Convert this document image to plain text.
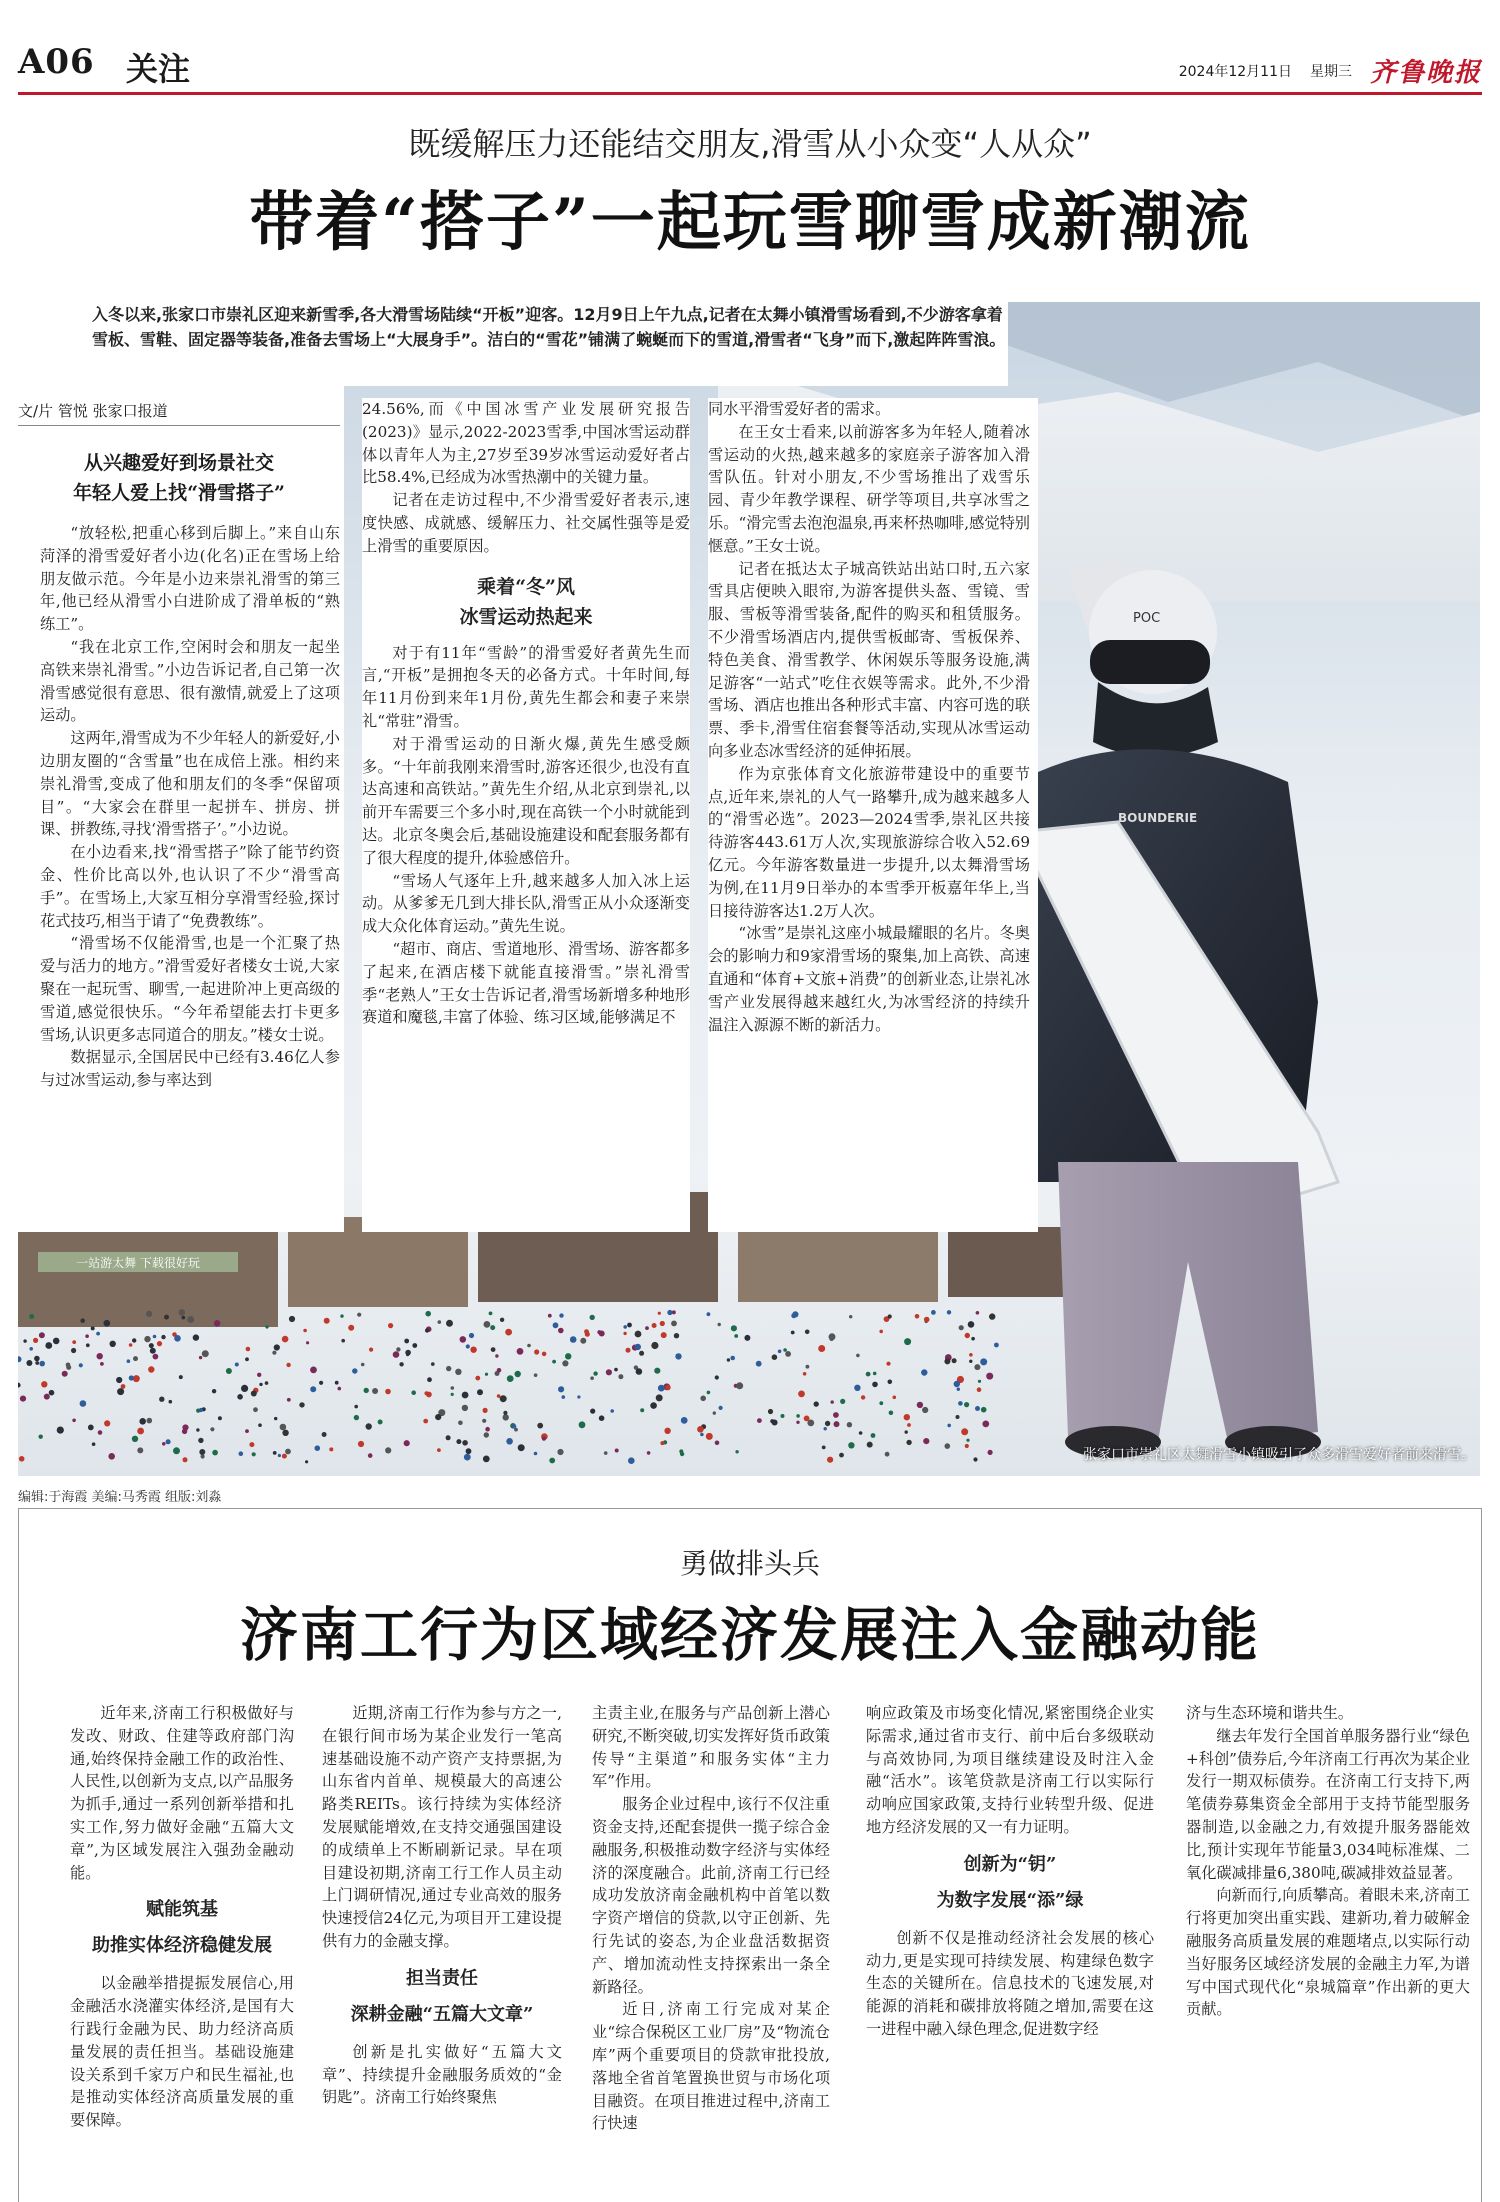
A06 关注	2024年12月11日 星期三 齐鲁晚报
既缓解压力还能结交朋友,滑雪从小众变“人从众”
带着“搭子”一起玩雪聊雪成新潮流
一站游太舞 下载很好玩
POC
BOUNDERIE
入冬以来,张家口市崇礼区迎来新雪季,各大滑雪场陆续“开板”迎客。12月9日上午九点,记者在太舞小镇滑雪场看到,不少游客拿着雪板、雪鞋、固定器等装备,准备去雪场上“大展身手”。洁白的“雪花”铺满了蜿蜒而下的雪道,滑雪者“飞身”而下,激起阵阵雪浪。
文/片 管悦 张家口报道
从兴趣爱好到场景社交
年轻人爱上找“滑雪搭子”

“放轻松,把重心移到后脚上。”来自山东菏泽的滑雪爱好者小边(化名)正在雪场上给朋友做示范。今年是小边来崇礼滑雪的第三年,他已经从滑雪小白进阶成了滑单板的“熟练工”。

“我在北京工作,空闲时会和朋友一起坐高铁来崇礼滑雪。”小边告诉记者,自己第一次滑雪感觉很有意思、很有激情,就爱上了这项运动。

这两年,滑雪成为不少年轻人的新爱好,小边朋友圈的“含雪量”也在成倍上涨。相约来崇礼滑雪,变成了他和朋友们的冬季“保留项目”。“大家会在群里一起拼车、拼房、拼课、拼教练,寻找‘滑雪搭子’。”小边说。

在小边看来,找“滑雪搭子”除了能节约资金、性价比高以外,也认识了不少“滑雪高手”。在雪场上,大家互相分享滑雪经验,探讨花式技巧,相当于请了“免费教练”。

“滑雪场不仅能滑雪,也是一个汇聚了热爱与活力的地方。”滑雪爱好者楼女士说,大家聚在一起玩雪、聊雪,一起进阶冲上更高级的雪道,感觉很快乐。“今年希望能去打卡更多雪场,认识更多志同道合的朋友。”楼女士说。

数据显示,全国居民中已经有3.46亿人参与过冰雪运动,参与率达到

24.56%,而《中国冰雪产业发展研究报告(2023)》显示,2022-2023雪季,中国冰雪运动群体以青年人为主,27岁至39岁冰雪运动爱好者占比58.4%,已经成为冰雪热潮中的关键力量。

记者在走访过程中,不少滑雪爱好者表示,速度快感、成就感、缓解压力、社交属性强等是爱上滑雪的重要原因。

乘着“冬”风
冰雪运动热起来

对于有11年“雪龄”的滑雪爱好者黄先生而言,“开板”是拥抱冬天的必备方式。十年时间,每年11月份到来年1月份,黄先生都会和妻子来崇礼“常驻”滑雪。

对于滑雪运动的日渐火爆,黄先生感受颇多。“十年前我刚来滑雪时,游客还很少,也没有直达高速和高铁站。”黄先生介绍,从北京到崇礼,以前开车需要三个多小时,现在高铁一个小时就能到达。北京冬奥会后,基础设施建设和配套服务都有了很大程度的提升,体验感倍升。

“雪场人气逐年上升,越来越多人加入冰上运动。从爹爹无几到大排长队,滑雪正从小众逐渐变成大众化体育运动。”黄先生说。

“超市、商店、雪道地形、滑雪场、游客都多了起来,在酒店楼下就能直接滑雪。”崇礼滑雪季“老熟人”王女士告诉记者,滑雪场新增多种地形赛道和魔毯,丰富了体验、练习区域,能够满足不

同水平滑雪爱好者的需求。

在王女士看来,以前游客多为年轻人,随着冰雪运动的火热,越来越多的家庭亲子游客加入滑雪队伍。针对小朋友,不少雪场推出了戏雪乐园、青少年教学课程、研学等项目,共享冰雪之乐。“滑完雪去泡泡温泉,再来杯热咖啡,感觉特别惬意。”王女士说。

记者在抵达太子城高铁站出站口时,五六家雪具店便映入眼帘,为游客提供头盔、雪镜、雪服、雪板等滑雪装备,配件的购买和租赁服务。不少滑雪场酒店内,提供雪板邮寄、雪板保养、特色美食、滑雪教学、休闲娱乐等服务设施,满足游客“一站式”吃住衣娱等需求。此外,不少滑雪场、酒店也推出各种形式丰富、内容可选的联票、季卡,滑雪住宿套餐等活动,实现从冰雪运动向多业态冰雪经济的延伸拓展。

作为京张体育文化旅游带建设中的重要节点,近年来,崇礼的人气一路攀升,成为越来越多人的“滑雪必选”。2023—2024雪季,崇礼区共接待游客443.61万人次,实现旅游综合收入52.69亿元。今年游客数量进一步提升,以太舞滑雪场为例,在11月9日举办的本雪季开板嘉年华上,当日接待游客达1.2万人次。

“冰雪”是崇礼这座小城最耀眼的名片。冬奥会的影响力和9家滑雪场的聚集,加上高铁、高速直通和“体育+文旅+消费”的创新业态,让崇礼冰雪产业发展得越来越红火,为冰雪经济的持续升温注入源源不断的新活力。

张家口市崇礼区太舞滑雪小镇吸引了众多滑雪爱好者前来滑雪。
编辑:于海霞 美编:马秀霞 组版:刘淼
勇做排头兵
济南工行为区域经济发展注入金融动能

近年来,济南工行积极做好与发改、财政、住建等政府部门沟通,始终保持金融工作的政治性、人民性,以创新为支点,以产品服务为抓手,通过一系列创新举措和扎实工作,努力做好金融“五篇大文章”,为区域发展注入强劲金融动能。

赋能筑基
助推实体经济稳健发展

以金融举措提振发展信心,用金融活水浇灌实体经济,是国有大行践行金融为民、助力经济高质量发展的责任担当。基础设施建设关系到千家万户和民生福祉,也是推动实体经济高质量发展的重要保障。

近期,济南工行作为参与方之一,在银行间市场为某企业发行一笔高速基础设施不动产资产支持票据,为山东省内首单、规模最大的高速公路类REITs。该行持续为实体经济发展赋能增效,在支持交通强国建设的成绩单上不断刷新记录。早在项目建设初期,济南工行工作人员主动上门调研情况,通过专业高效的服务快速授信24亿元,为项目开工建设提供有力的金融支撑。

担当责任
深耕金融“五篇大文章”

创新是扎实做好“五篇大文章”、持续提升金融服务质效的“金钥匙”。济南工行始终聚焦

主责主业,在服务与产品创新上潜心研究,不断突破,切实发挥好货币政策传导“主渠道”和服务实体“主力军”作用。

服务企业过程中,该行不仅注重资金支持,还配套提供一揽子综合金融服务,积极推动数字经济与实体经济的深度融合。此前,济南工行已经成功发放济南金融机构中首笔以数字资产增信的贷款,以守正创新、先行先试的姿态,为企业盘活数据资产、增加流动性支持探索出一条全新路径。

近日,济南工行完成对某企业“综合保税区工业厂房”及“物流仓库”两个重要项目的贷款审批投放,落地全省首笔置换世贸与市场化项目融资。在项目推进过程中,济南工行快速

响应政策及市场变化情况,紧密围绕企业实际需求,通过省市支行、前中后台多级联动与高效协同,为项目继续建设及时注入金融“活水”。该笔贷款是济南工行以实际行动响应国家政策,支持行业转型升级、促进地方经济发展的又一有力证明。

创新为“钥”
为数字发展“添”绿

创新不仅是推动经济社会发展的核心动力,更是实现可持续发展、构建绿色数字生态的关键所在。信息技术的飞速发展,对能源的消耗和碳排放将随之增加,需要在这一进程中融入绿色理念,促进数字经

济与生态环境和谐共生。

继去年发行全国首单服务器行业“绿色+科创”债券后,今年济南工行再次为某企业发行一期双标债券。在济南工行支持下,两笔债券募集资金全部用于支持节能型服务器制造,以金融之力,有效提升服务器能效比,预计实现年节能量3,034吨标准煤、二氧化碳减排量6,380吨,碳减排效益显著。

向新而行,向质攀高。着眼未来,济南工行将更加突出重实践、建新功,着力破解金融服务高质量发展的难题堵点,以实际行动当好服务区域经济发展的金融主力军,为谱写中国式现代化“泉城篇章”作出新的更大贡献。
